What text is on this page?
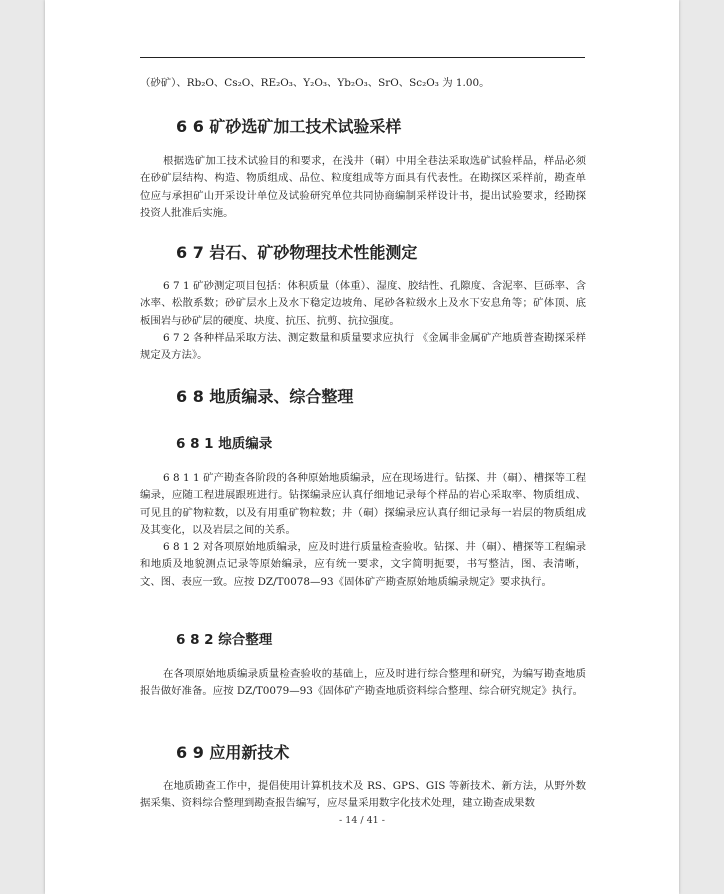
（砂矿）、Rb₂O、Cs₂O、RE₂O₃、Y₂O₃、Yb₂O₃、SrO、Sc₂O₃ 为 1.00。

6 6 矿砂选矿加工技术试验采样

根据选矿加工技术试验目的和要求，在浅井（硐）中用全巷法采取选矿试验样品，样品必须在砂矿层结构、构造、物质组成、品位、粒度组成等方面具有代表性。在勘探区采样前，勘查单位应与承担矿山开采设计单位及试验研究单位共同协商编制采样设计书，提出试验要求，经勘探投资人批准后实施。

6 7 岩石、矿砂物理技术性能测定

6 7 1 矿砂测定项目包括：体积质量（体重）、湿度、胶结性、孔隙度、含泥率、巨砾率、含冰率、松散系数；砂矿层水上及水下稳定边坡角、尾砂各粒级水上及水下安息角等；矿体顶、底板围岩与砂矿层的硬度、块度、抗压、抗剪、抗拉强度。

6 7 2 各种样品采取方法、测定数量和质量要求应执行 《金属非金属矿产地质普查勘探采样规定及方法》。

6 8 地质编录、综合整理
6 8 1 地质编录

6 8 1 1 矿产勘查各阶段的各种原始地质编录，应在现场进行。钻探、井（硐）、槽探等工程编录，应随工程进展跟班进行。钻探编录应认真仔细地记录每个样品的岩心采取率、物质组成、可见且的矿物粒数，以及有用重矿物粒数；井（硐）探编录应认真仔细记录每一岩层的物质组成及其变化，以及岩层之间的关系。

6 8 1 2 对各项原始地质编录，应及时进行质量检查验收。钻探、井（硐）、槽探等工程编录和地质及地貌测点记录等原始编录，应有统一要求，文字简明扼要，书写整洁，图、表清晰，文、图、表应一致。应按 DZ/T0078—93《固体矿产勘查原始地质编录规定》要求执行。

6 8 2 综合整理

在各项原始地质编录质量检查验收的基础上，应及时进行综合整理和研究，为编写勘查地质报告做好准备。应按 DZ/T0079—93《固体矿产勘查地质资料综合整理、综合研究规定》执行。

6 9 应用新技术

在地质勘查工作中，提倡使用计算机技术及 RS、GPS、GIS 等新技术、新方法，从野外数据采集、资料综合整理到勘查报告编写，应尽量采用数字化技术处理，建立勘查成果数

- 14 / 41 -
